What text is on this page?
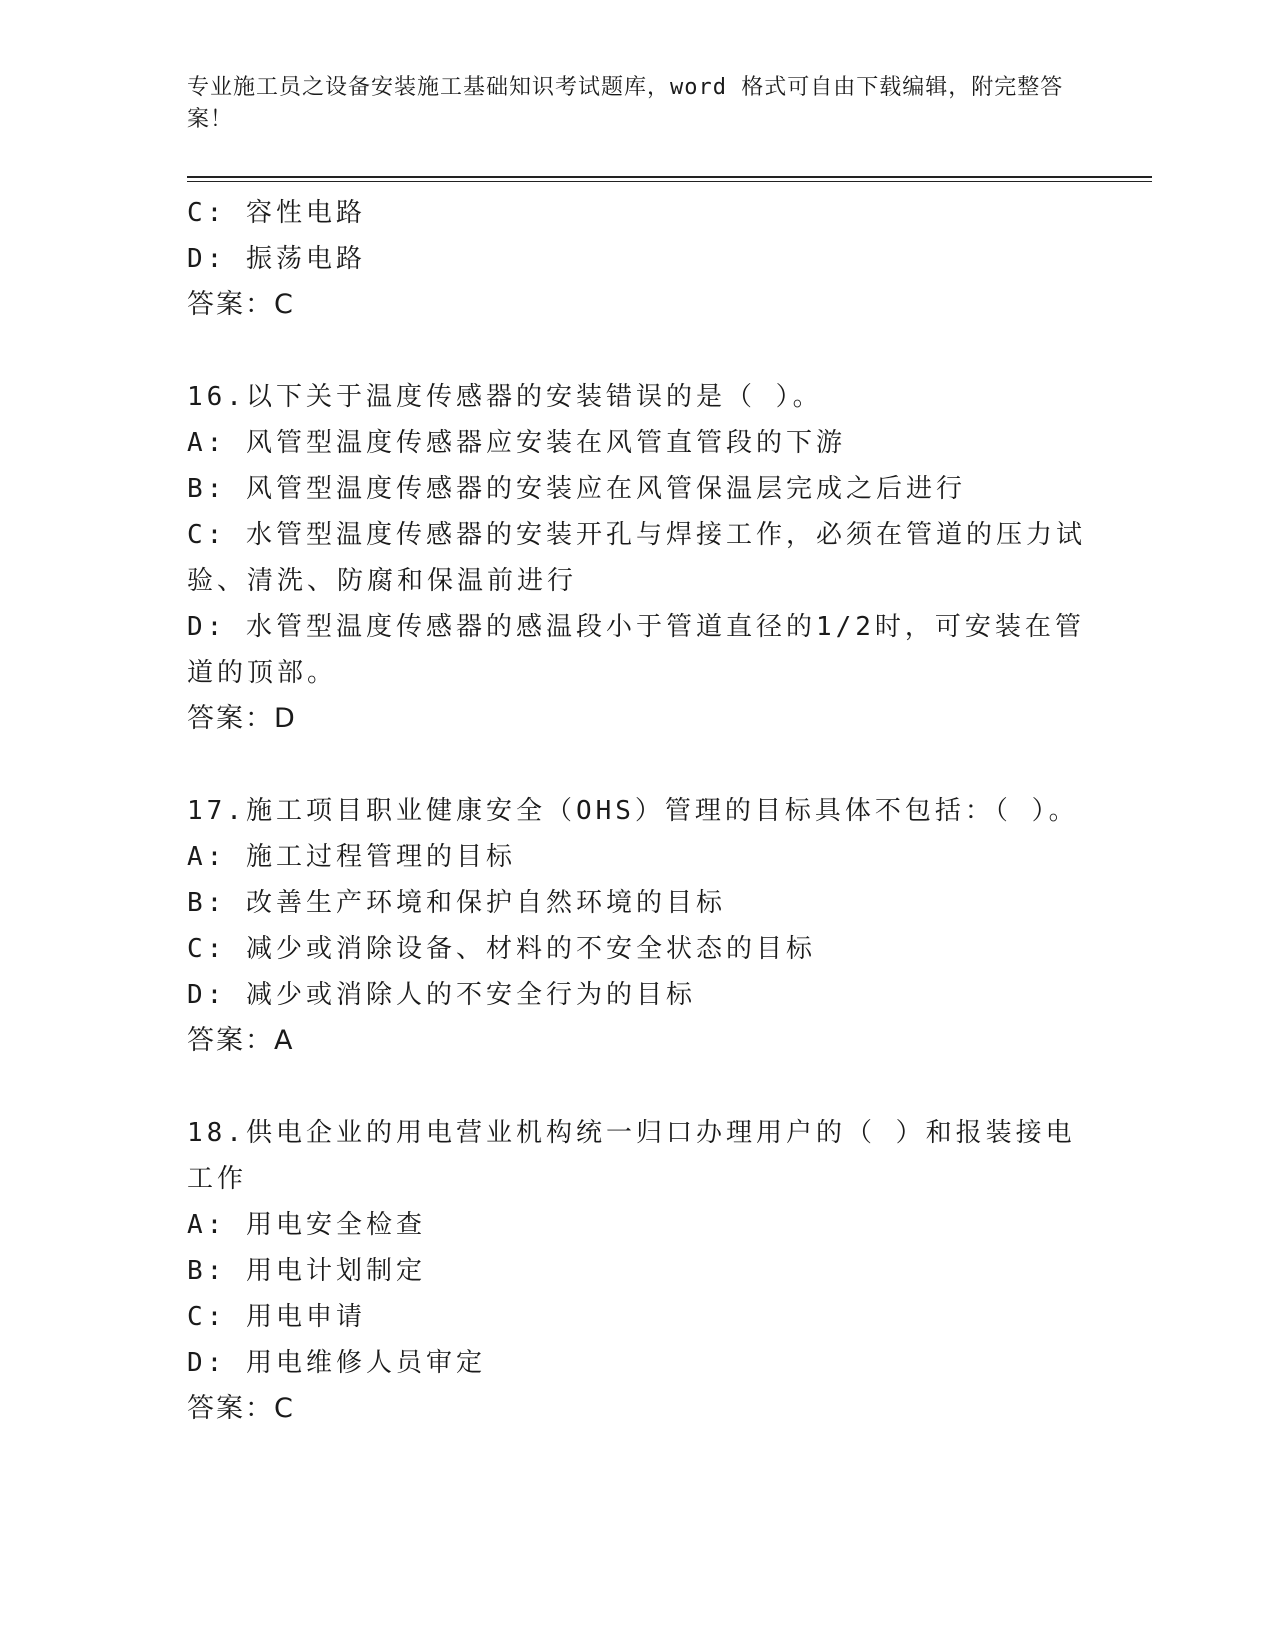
专业施工员之设备安装施工基础知识考试题库，word 格式可自由下载编辑，附完整答案！
C: 容性电路
D: 振荡电路
答案：C
16.以下关于温度传感器的安装错误的是（ ）。
A: 风管型温度传感器应安装在风管直管段的下游
B: 风管型温度传感器的安装应在风管保温层完成之后进行
C: 水管型温度传感器的安装开孔与焊接工作，必须在管道的压力试验、清洗、防腐和保温前进行
D: 水管型温度传感器的感温段小于管道直径的1/2时，可安装在管道的顶部。
答案：D
17.施工项目职业健康安全（OHS）管理的目标具体不包括：（ ）。
A: 施工过程管理的目标
B: 改善生产环境和保护自然环境的目标
C: 减少或消除设备、材料的不安全状态的目标
D: 减少或消除人的不安全行为的目标
答案：A
18.供电企业的用电营业机构统一归口办理用户的（ ）和报装接电工作
A: 用电安全检查
B: 用电计划制定
C: 用电申请
D: 用电维修人员审定
答案：C
